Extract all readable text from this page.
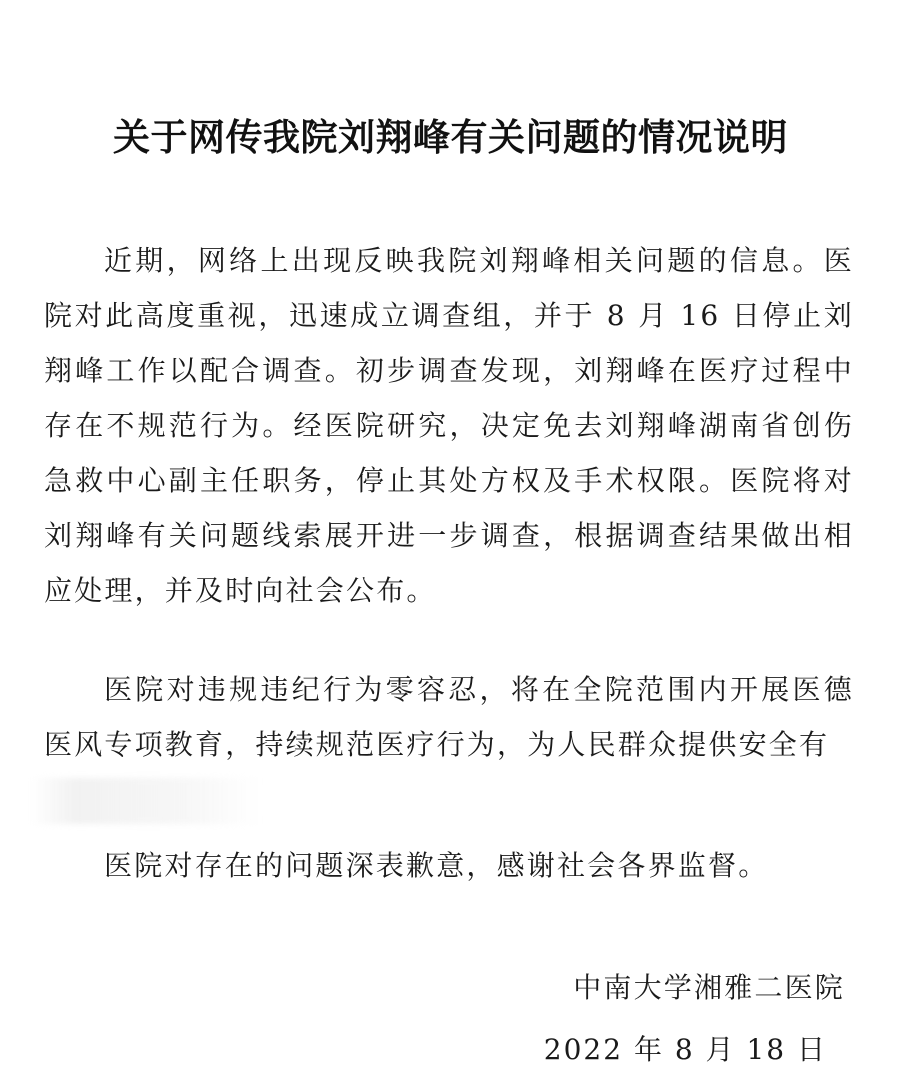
关于网传我院刘翔峰有关问题的情况说明

近期，网络上出现反映我院刘翔峰相关问题的信息。医院对此高度重视，迅速成立调查组，并于 8 月 16 日停止刘翔峰工作以配合调查。初步调查发现，刘翔峰在医疗过程中存在不规范行为。经医院研究，决定免去刘翔峰湖南省创伤急救中心副主任职务，停止其处方权及手术权限。医院将对刘翔峰有关问题线索展开进一步调查，根据调查结果做出相应处理，并及时向社会公布。

医院对违规违纪行为零容忍，将在全院范围内开展医德医风专项教育，持续规范医疗行为，为人民群众提供安全有

医院对存在的问题深表歉意，感谢社会各界监督。

中南大学湘雅二医院
2022 年 8 月 18 日
